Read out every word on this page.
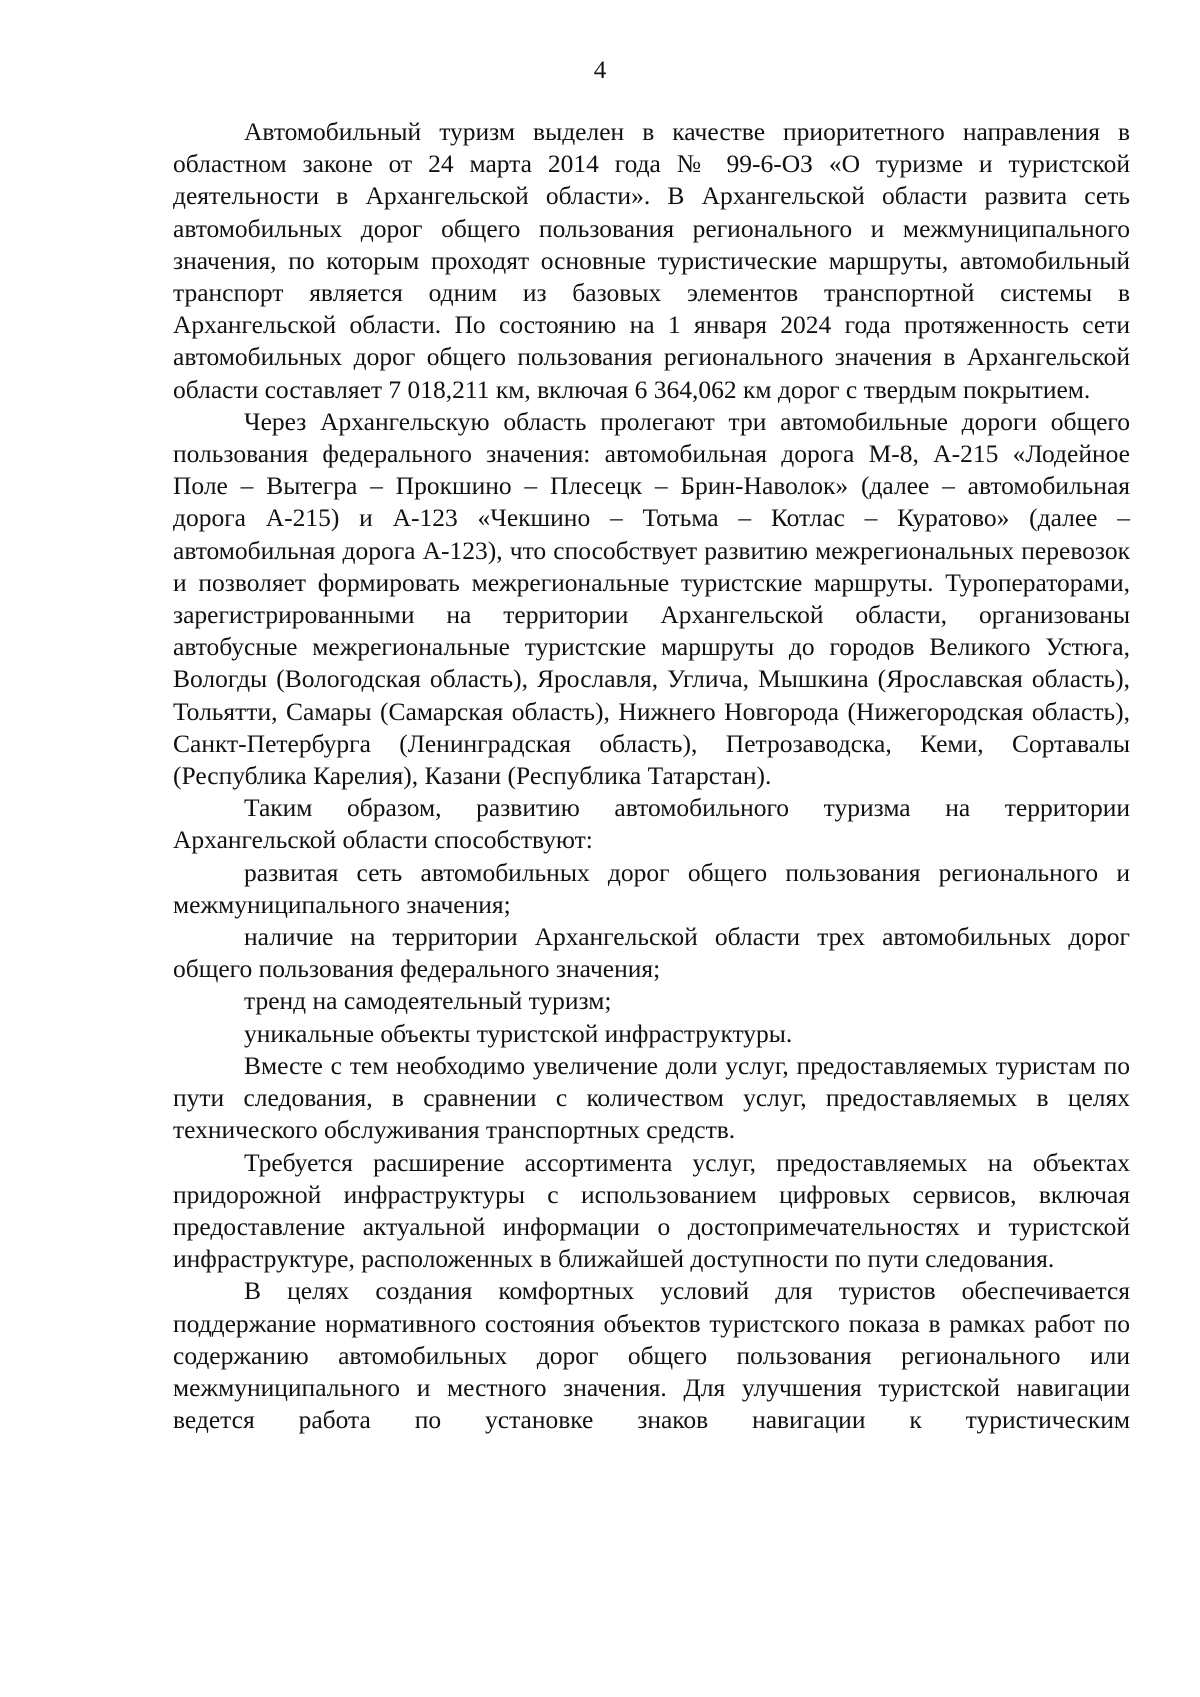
4

Автомобильный туризм выделен в качестве приоритетного направления в областном законе от 24 марта 2014 года № 99-6-ОЗ «О туризме и туристской деятельности в Архангельской области». В Архангельской области развита сеть автомобильных дорог общего пользования регионального и межмуниципального значения, по которым проходят основные туристические маршруты, автомобильный транспорт является одним из базовых элементов транспортной системы в Архангельской области. По состоянию на 1 января 2024 года протяженность сети автомобильных дорог общего пользования регионального значения в Архангельской области составляет 7 018,211 км, включая 6 364,062 км дорог с твердым покрытием.

Через Архангельскую область пролегают три автомобильные дороги общего пользования федерального значения: автомобильная дорога М-8, А-215 «Лодейное Поле – Вытегра – Прокшино – Плесецк – Брин-Наволок» (далее – автомобильная дорога А-215) и А-123 «Чекшино – Тотьма – Котлас – Куратово» (далее – автомобильная дорога А-123), что способствует развитию межрегиональных перевозок и позволяет формировать межрегиональные туристские маршруты. Туроператорами, зарегистрированными на территории Архангельской области, организованы автобусные межрегиональные туристские маршруты до городов Великого Устюга, Вологды (Вологодская область), Ярославля, Углича, Мышкина (Ярославская область), Тольятти, Самары (Самарская область), Нижнего Новгорода (Нижегородская область), Санкт-Петербурга (Ленинградская область), Петрозаводска, Кеми, Сортавалы (Республика Карелия), Казани (Республика Татарстан).

Таким образом, развитию автомобильного туризма на территории Архангельской области способствуют:

развитая сеть автомобильных дорог общего пользования регионального и межмуниципального значения;

наличие на территории Архангельской области трех автомобильных дорог общего пользования федерального значения;

тренд на самодеятельный туризм;

уникальные объекты туристской инфраструктуры.

Вместе с тем необходимо увеличение доли услуг, предоставляемых туристам по пути следования, в сравнении с количеством услуг, предоставляемых в целях технического обслуживания транспортных средств.

Требуется расширение ассортимента услуг, предоставляемых на объектах придорожной инфраструктуры с использованием цифровых сервисов, включая предоставление актуальной информации о достопримечательностях и туристской инфраструктуре, расположенных в ближайшей доступности по пути следования.

В целях создания комфортных условий для туристов обеспечивается поддержание нормативного состояния объектов туристского показа в рамках работ по содержанию автомобильных дорог общего пользования регионального или межмуниципального и местного значения. Для улучшения туристской навигации ведется работа по установке знаков навигации к туристическим
